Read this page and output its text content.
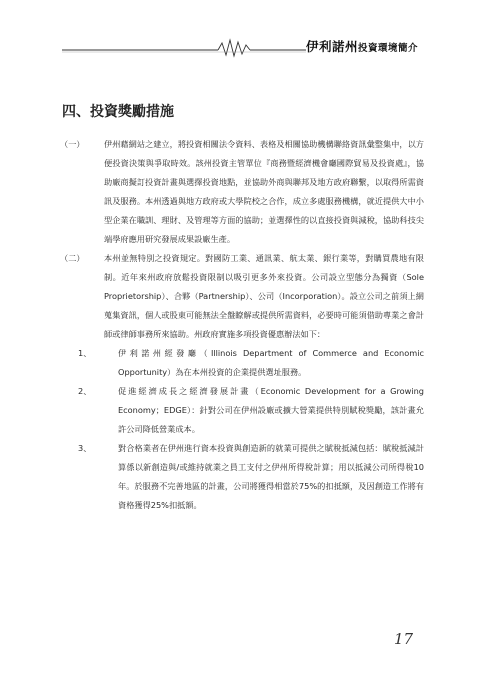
伊利諾州投資環境簡介
四、投資獎勵措施
（一）	伊州藉網站之建立，將投資相關法令資料、表格及相關協助機構聯絡資訊彙整集中，以方便投資決策與爭取時效。該州投資主管單位『商務暨經濟機會廳國際貿易及投資處』，協助廠商擬訂投資計畫與選擇投資地點，並協助外商與聯邦及地方政府聯繫，以取得所需資訊及服務。本州透過與地方政府或大學院校之合作，成立多處服務機構，就近提供大中小型企業在職訓、理財、及管理等方面的協助；並選擇性的以直接投資與減稅，協助科技尖端學府應用研究發展成果設廠生產。

（二）	本州並無特別之投資規定。對國防工業、通訊業、航太業、銀行業等，對購買農地有限制。近年來州政府放鬆投資限制以吸引更多外來投資。公司設立型態分為獨資（Sole Proprietorship）、合夥（Partnership）、公司（Incorporation）。設立公司之前須上網蒐集資訊，個人或股東可能無法全盤瞭解或提供所需資料，必要時可能須借助專業之會計師或律師事務所來協助。州政府實施多項投資優惠辦法如下：

1、	伊利諾州經發廳（Illinois Department of Commerce and Economic Opportunity）為在本州投資的企業提供選址服務。

2、	促進經濟成長之經濟發展計畫（Economic Development for a Growing Economy；EDGE）：針對公司在伊州設廠或擴大營業提供特別賦稅獎勵，該計畫允許公司降低營業成本。

3、	對合格業者在伊州進行資本投資與創造新的就業可提供之賦稅抵減包括：賦稅抵減計算係以新創造與/或維持就業之員工支付之伊州所得稅計算；用以抵減公司所得稅10年。於服務不完善地區的計畫，公司將獲得相當於75%的扣抵額，及因創造工作將有資格獲得25%扣抵額。

17
